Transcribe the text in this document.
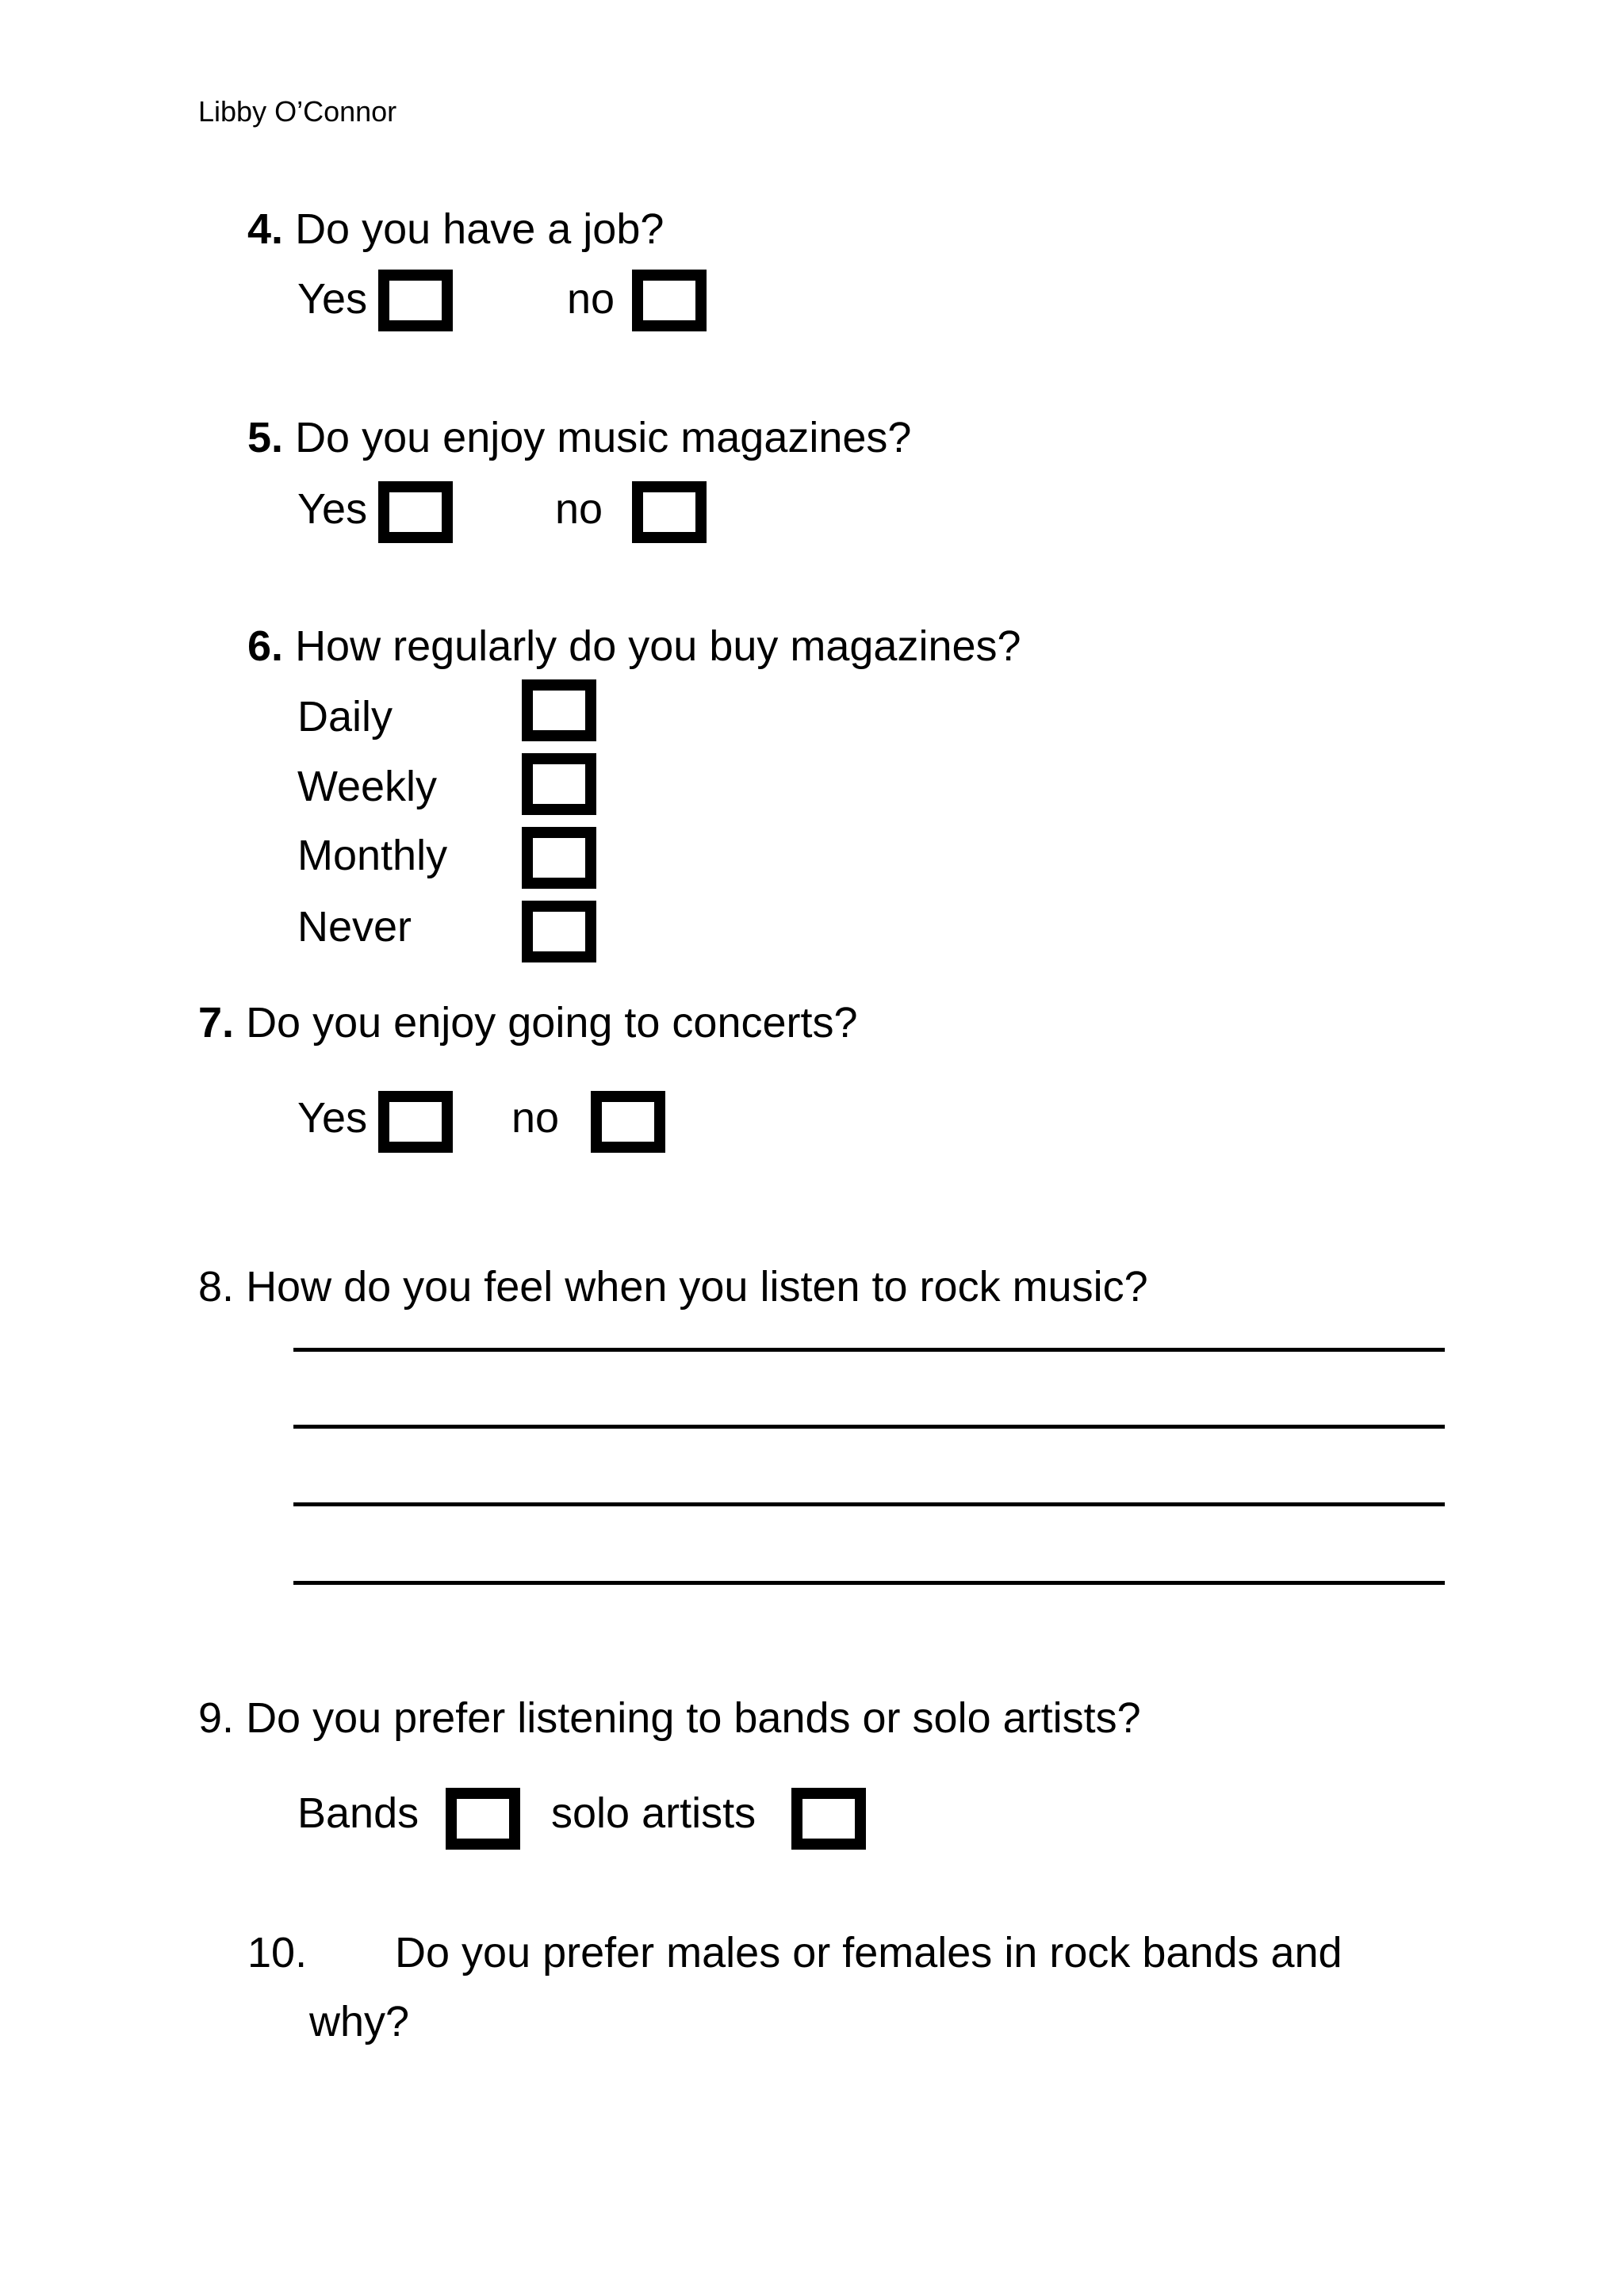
Libby O’Connor
4. Do you have a job?
Yes	no
5. Do you enjoy music magazines?
Yes	no
6. How regularly do you buy magazines?
Daily
Weekly
Monthly
Never
7. Do you enjoy going to concerts?
Yes	no
8. How do you feel when you listen to rock music?
9. Do you prefer listening to bands or solo artists?
Bands	solo artists
10. Do you prefer males or females in rock bands and
why?
